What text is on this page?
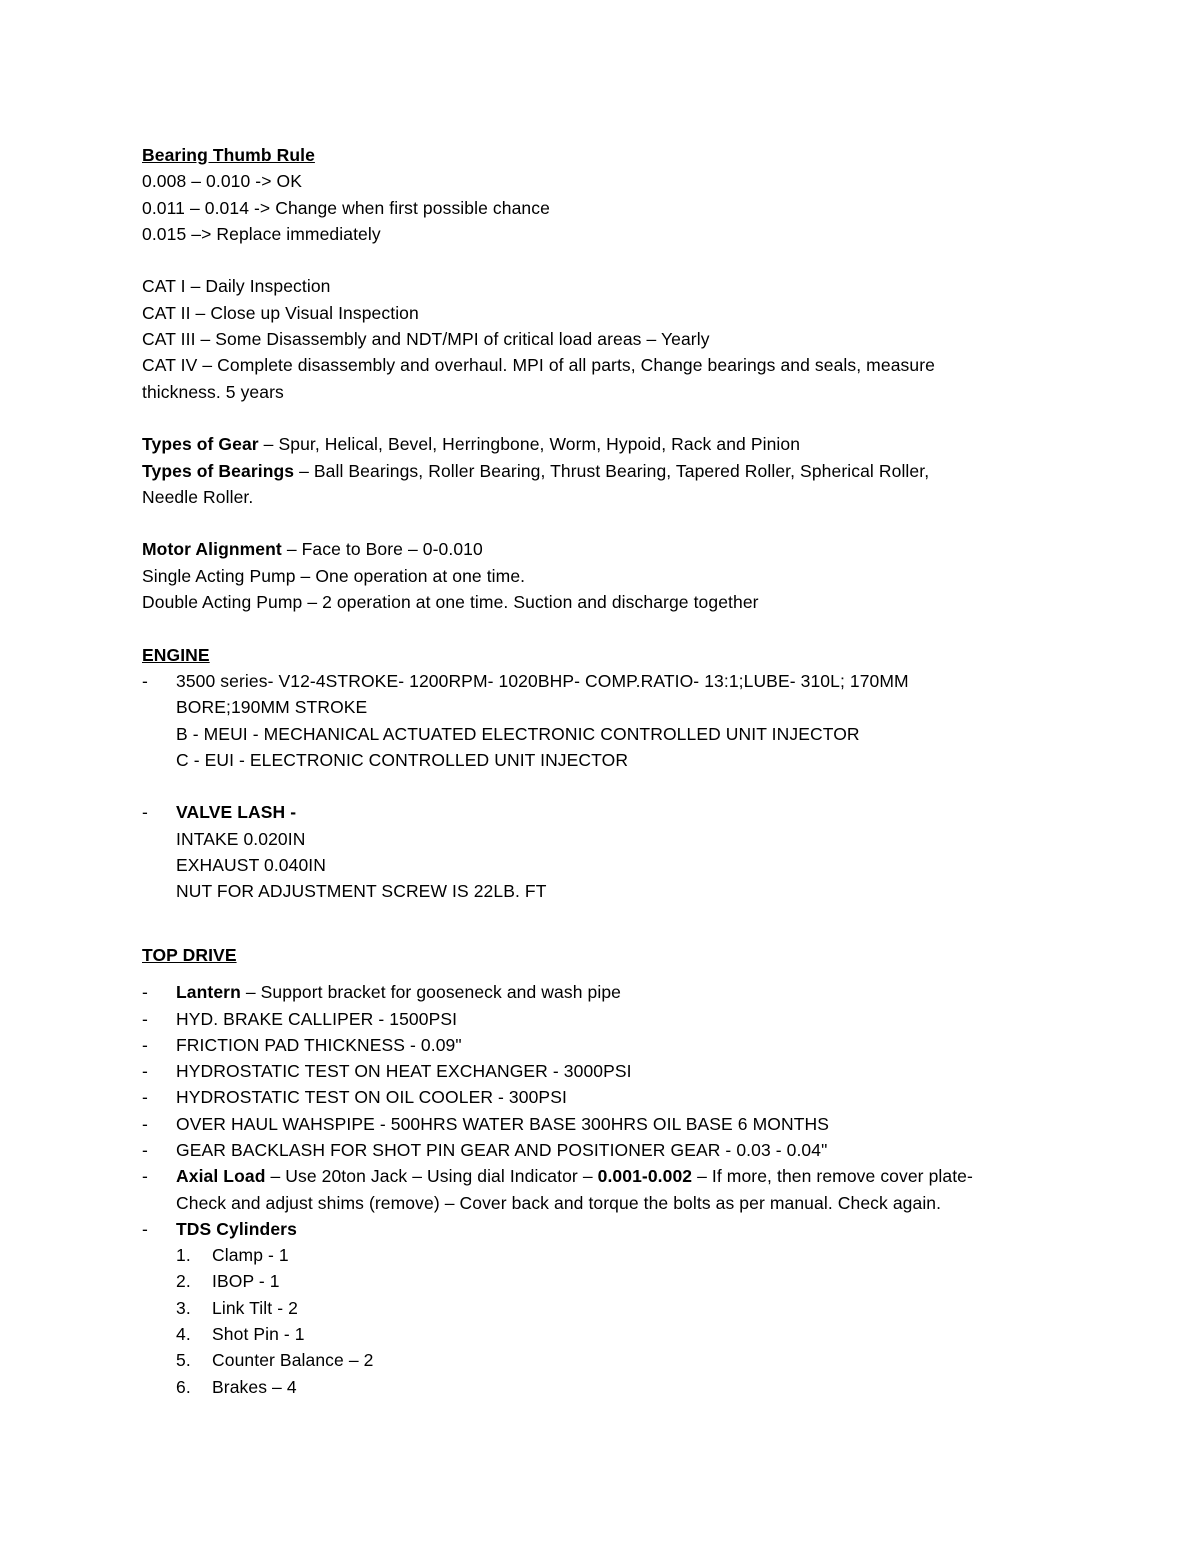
Bearing Thumb Rule
0.008 – 0.010 -> OK
0.011 – 0.014 -> Change when first possible chance
0.015 –> Replace immediately
CAT I – Daily Inspection
CAT II – Close up Visual Inspection
CAT III – Some Disassembly and NDT/MPI of critical load areas – Yearly
CAT IV – Complete disassembly and overhaul. MPI of all parts, Change bearings and seals, measure
thickness. 5 years
Types of Gear – Spur, Helical, Bevel, Herringbone, Worm, Hypoid, Rack and Pinion
Types of Bearings – Ball Bearings, Roller Bearing, Thrust Bearing, Tapered Roller, Spherical Roller,
Needle Roller.
Motor Alignment – Face to Bore – 0-0.010
Single Acting Pump – One operation at one time.
Double Acting Pump – 2 operation at one time. Suction and discharge together
ENGINE
-	3500 series- V12-4STROKE- 1200RPM- 1020BHP- COMP.RATIO- 13:1;LUBE- 310L; 170MM
BORE;190MM STROKE
B - MEUI - MECHANICAL ACTUATED ELECTRONIC CONTROLLED UNIT INJECTOR
C - EUI - ELECTRONIC CONTROLLED UNIT INJECTOR
-	VALVE LASH -
INTAKE 0.020IN
EXHAUST 0.040IN
NUT FOR ADJUSTMENT SCREW IS 22LB. FT
TOP DRIVE
-	Lantern – Support bracket for gooseneck and wash pipe
-	HYD. BRAKE CALLIPER - 1500PSI
-	FRICTION PAD THICKNESS - 0.09"
-	HYDROSTATIC TEST ON HEAT EXCHANGER - 3000PSI
-	HYDROSTATIC TEST ON OIL COOLER - 300PSI
-	OVER HAUL WAHSPIPE - 500HRS WATER BASE 300HRS OIL BASE 6 MONTHS
-	GEAR BACKLASH FOR SHOT PIN GEAR AND POSITIONER GEAR - 0.03 - 0.04"
-	Axial Load – Use 20ton Jack – Using dial Indicator – 0.001-0.002 – If more, then remove cover plate-
Check and adjust shims (remove) – Cover back and torque the bolts as per manual. Check again.
-	TDS Cylinders
1.	Clamp - 1
2.	IBOP - 1
3.	Link Tilt - 2
4.	Shot Pin - 1
5.	Counter Balance – 2
6.	Brakes – 4
